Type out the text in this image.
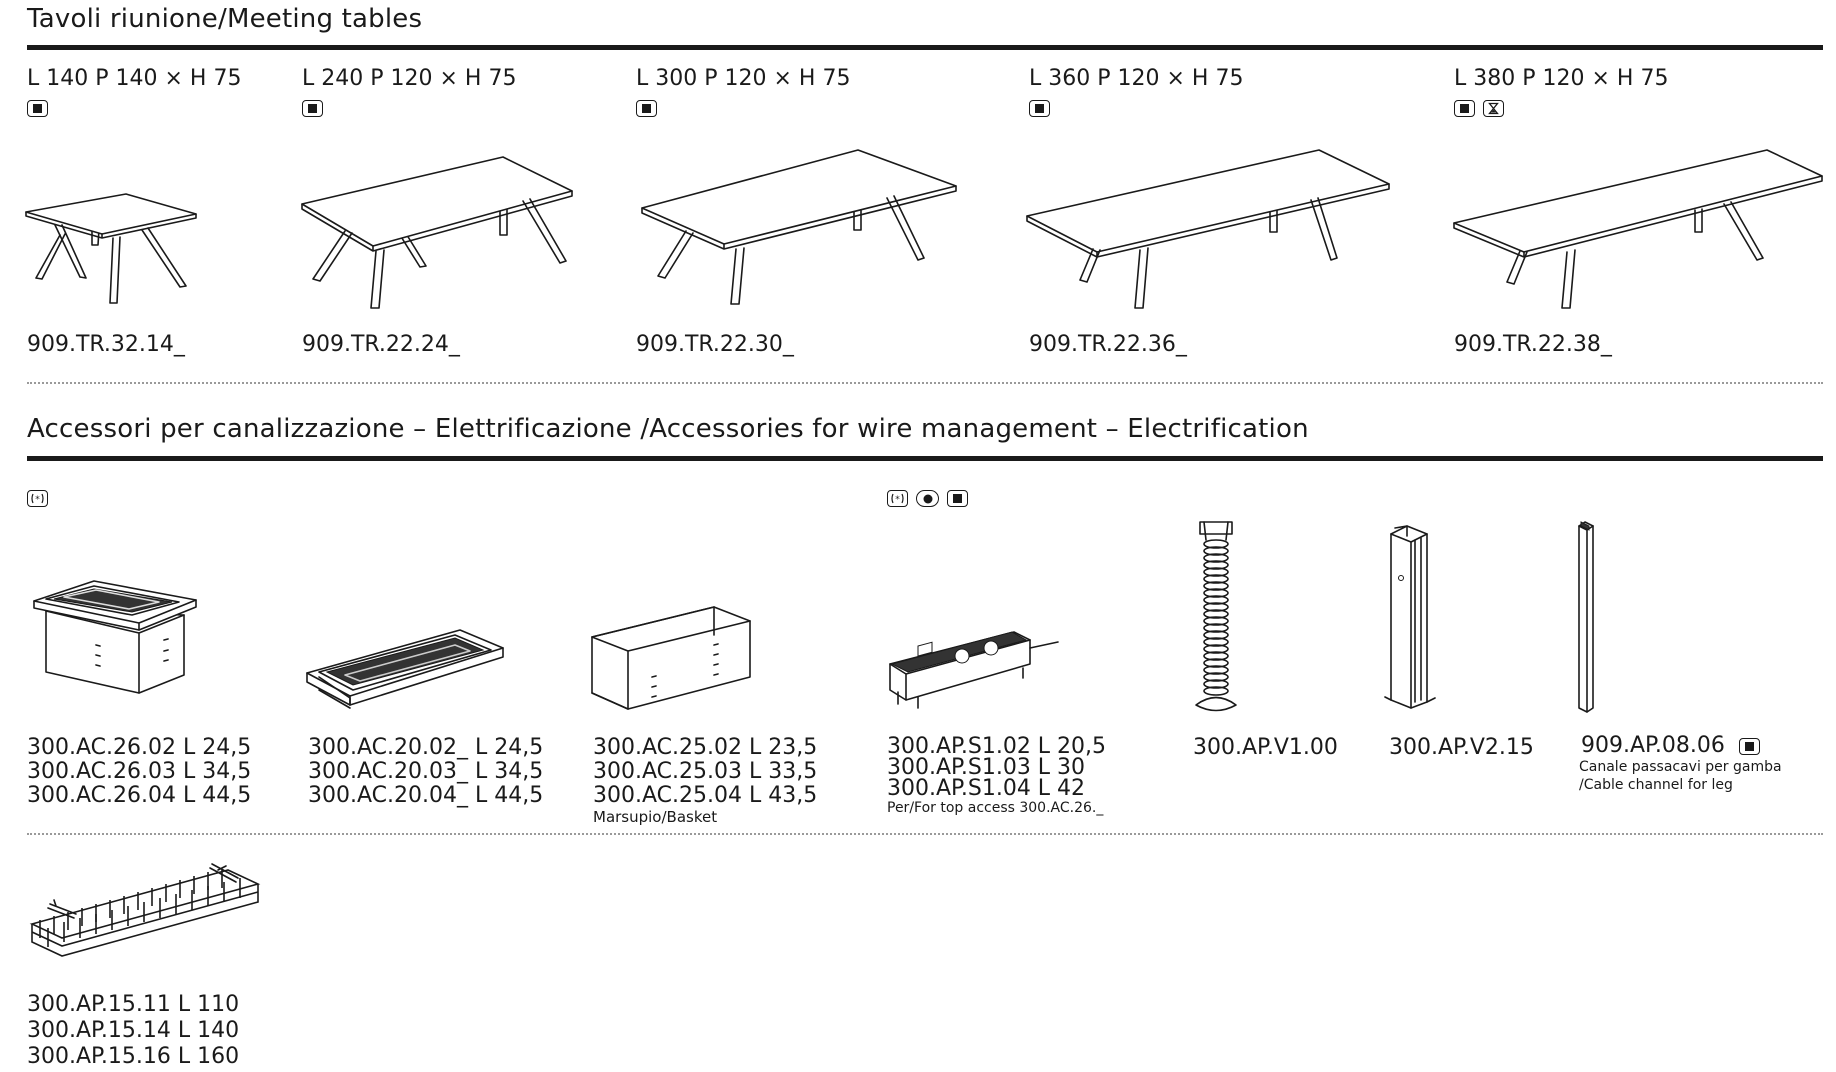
Tavoli riunione/Meeting tables
L 140 P 140 × H 75	L 240 P 120 × H 75	L 300 P 120 × H 75	L 360 P 120 × H 75	L 380 P 120 × H 75
909.TR.32.14_	909.TR.22.24_	909.TR.22.30_	909.TR.22.36_	909.TR.22.38_
Accessori per canalizzazione – Elettrificazione /Accessories for wire management – Electrification
*	*
300.AC.26.02 L 24,5
300.AC.26.03 L 34,5
300.AC.26.04 L 44,5
300.AC.20.02_ L 24,5
300.AC.20.03_ L 34,5
300.AC.20.04_ L 44,5
300.AC.25.02 L 23,5
300.AC.25.03 L 33,5
300.AC.25.04 L 43,5
Marsupio/Basket
300.AP.S1.02 L 20,5
300.AP.S1.03 L 30
300.AP.S1.04 L 42
Per/For top access 300.AC.26._
300.AP.V1.00 300.AP.V2.15 909.AP.08.06
Canale passacavi per gamba
/Cable channel for leg
300.AP.15.11 L 110
300.AP.15.14 L 140
300.AP.15.16 L 160
